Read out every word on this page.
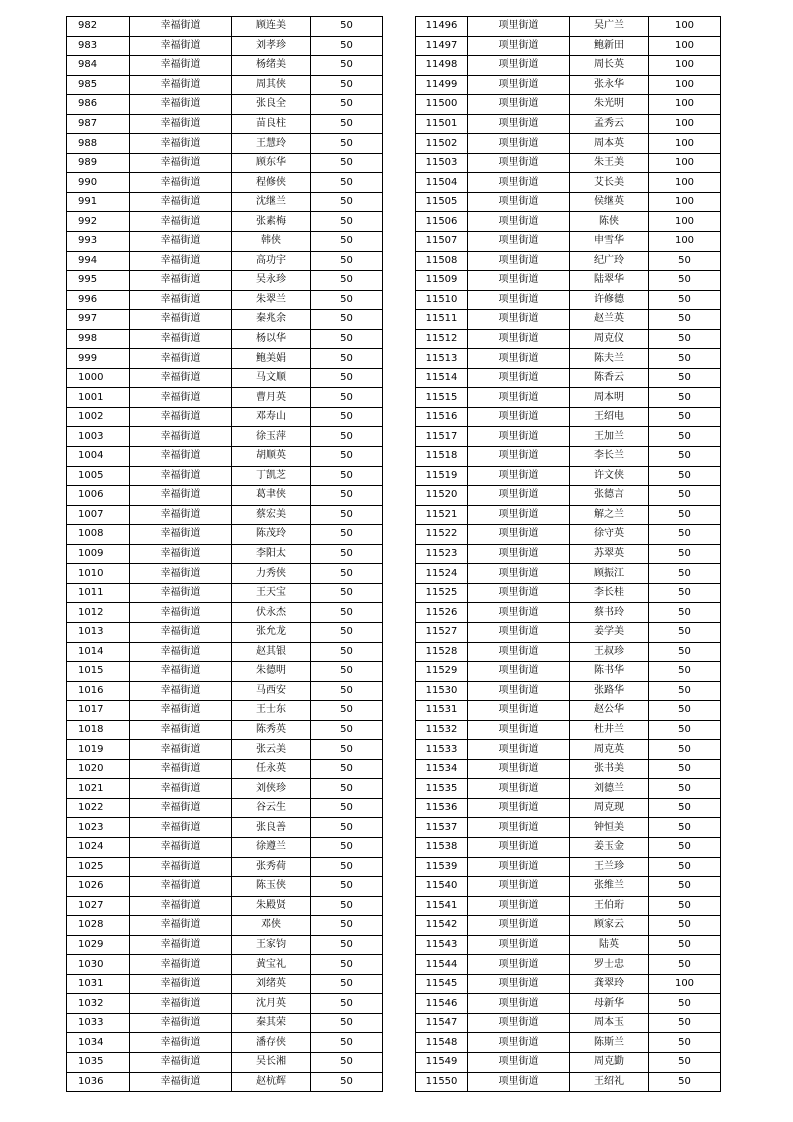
982	幸福街道	顾连美	50
983	幸福街道	刘孝珍	50
984	幸福街道	杨绪美	50
985	幸福街道	周其侠	50
986	幸福街道	张良全	50
987	幸福街道	苗良柱	50
988	幸福街道	王慧玲	50
989	幸福街道	顾东华	50
990	幸福街道	程修侠	50
991	幸福街道	沈继兰	50
992	幸福街道	张素梅	50
993	幸福街道	韩侠	50
994	幸福街道	高功宇	50
995	幸福街道	吴永珍	50
996	幸福街道	朱翠兰	50
997	幸福街道	秦兆余	50
998	幸福街道	杨以华	50
999	幸福街道	鲍美娟	50
1000	幸福街道	马文顺	50
1001	幸福街道	曹月英	50
1002	幸福街道	邓寿山	50
1003	幸福街道	徐玉萍	50
1004	幸福街道	胡顺英	50
1005	幸福街道	丁凯芝	50
1006	幸福街道	葛聿侠	50
1007	幸福街道	蔡宏美	50
1008	幸福街道	陈茂玲	50
1009	幸福街道	李阳太	50
1010	幸福街道	力秀侠	50
1011	幸福街道	王天宝	50
1012	幸福街道	伏永杰	50
1013	幸福街道	张允龙	50
1014	幸福街道	赵其银	50
1015	幸福街道	朱德明	50
1016	幸福街道	马西安	50
1017	幸福街道	王士东	50
1018	幸福街道	陈秀英	50
1019	幸福街道	张云美	50
1020	幸福街道	任永英	50
1021	幸福街道	刘侠珍	50
1022	幸福街道	谷云生	50
1023	幸福街道	张良善	50
1024	幸福街道	徐遵兰	50
1025	幸福街道	张秀荷	50
1026	幸福街道	陈玉侠	50
1027	幸福街道	朱殿贤	50
1028	幸福街道	邓侠	50
1029	幸福街道	王家钧	50
1030	幸福街道	黄宝礼	50
1031	幸福街道	刘绪英	50
1032	幸福街道	沈月英	50
1033	幸福街道	秦其荣	50
1034	幸福街道	潘存侠	50
1035	幸福街道	吴长湘	50
1036	幸福街道	赵杭辉	50
11496	项里街道	吴广兰	100
11497	项里街道	鲍新田	100
11498	项里街道	周长英	100
11499	项里街道	张永华	100
11500	项里街道	朱光明	100
11501	项里街道	孟秀云	100
11502	项里街道	周本英	100
11503	项里街道	朱王美	100
11504	项里街道	艾长美	100
11505	项里街道	侯继英	100
11506	项里街道	陈侠	100
11507	项里街道	申雪华	100
11508	项里街道	纪广玲	50
11509	项里街道	陆翠华	50
11510	项里街道	许修德	50
11511	项里街道	赵兰英	50
11512	项里街道	周克仪	50
11513	项里街道	陈夫兰	50
11514	项里街道	陈香云	50
11515	项里街道	周本明	50
11516	项里街道	王绍电	50
11517	项里街道	王加兰	50
11518	项里街道	李长兰	50
11519	项里街道	许文侠	50
11520	项里街道	张德言	50
11521	项里街道	解之兰	50
11522	项里街道	徐守英	50
11523	项里街道	苏翠英	50
11524	项里街道	顾振江	50
11525	项里街道	李长桂	50
11526	项里街道	蔡书玲	50
11527	项里街道	姜学美	50
11528	项里街道	王叔珍	50
11529	项里街道	陈书华	50
11530	项里街道	张路华	50
11531	项里街道	赵公华	50
11532	项里街道	杜井兰	50
11533	项里街道	周克英	50
11534	项里街道	张书美	50
11535	项里街道	刘德兰	50
11536	项里街道	周克现	50
11537	项里街道	钟恒美	50
11538	项里街道	姜玉金	50
11539	项里街道	王兰珍	50
11540	项里街道	张维兰	50
11541	项里街道	王伯珩	50
11542	项里街道	顾家云	50
11543	项里街道	陆英	50
11544	项里街道	罗士忠	50
11545	项里街道	龚翠玲	100
11546	项里街道	母新华	50
11547	项里街道	周本玉	50
11548	项里街道	陈斯兰	50
11549	项里街道	周克勤	50
11550	项里街道	王绍礼	50
